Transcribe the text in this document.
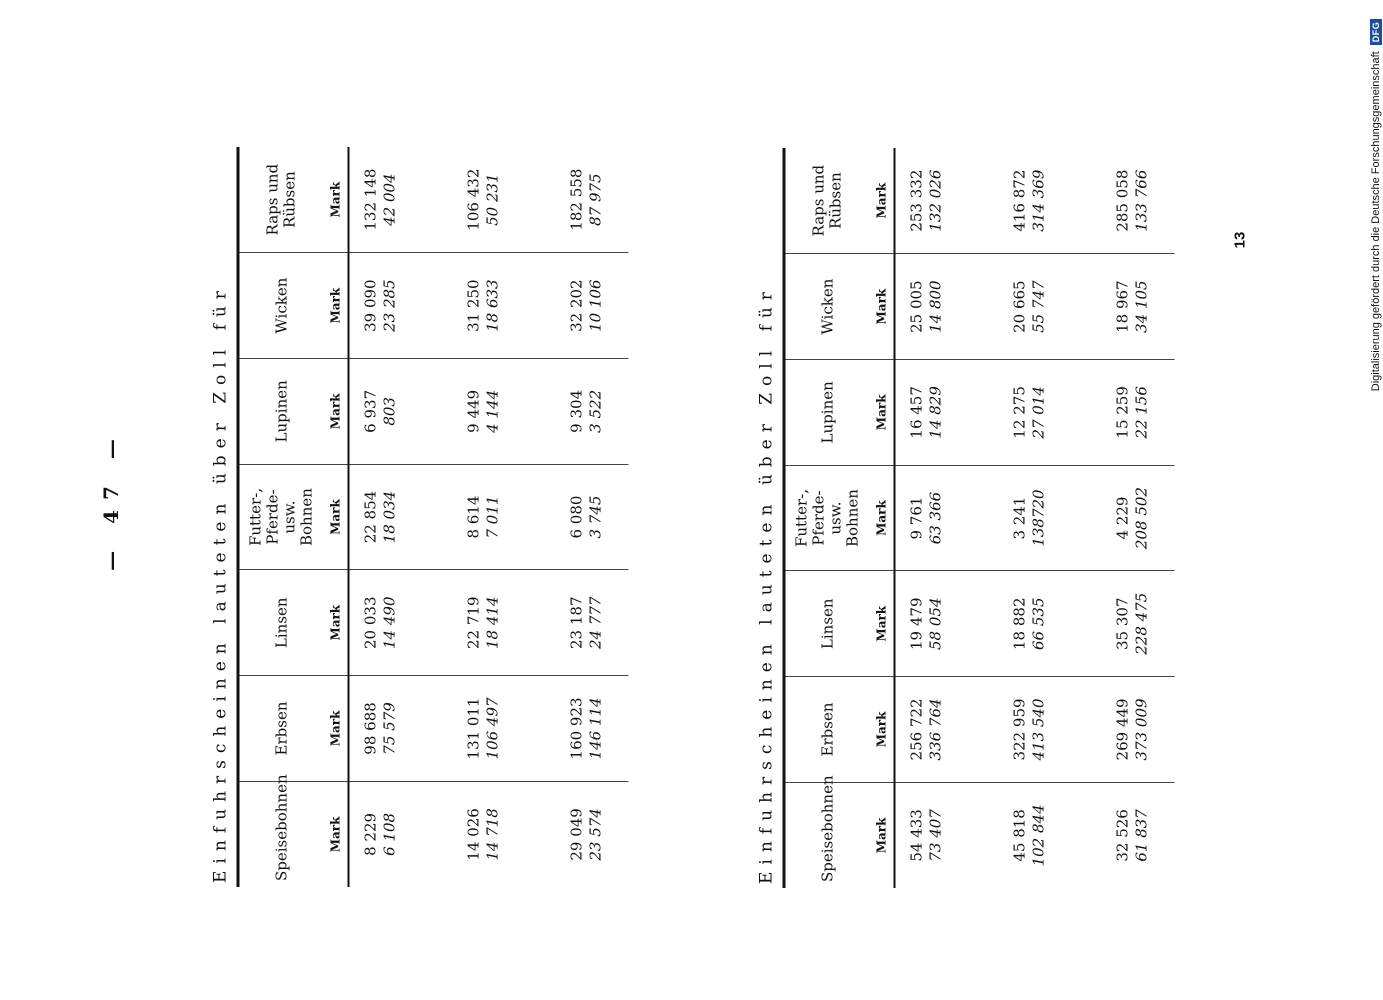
— 47 —
13	Digitalisierung gefördert durch die Deutsche Forschungsgemeinschaft
DFG
Einfuhrscheinen lauteten über Zoll für	Speisebohnen	Erbsen	Linsen	Futter-, Pferde- usw. Bohnen	Lupinen	Wicken	Raps und Rübsen
Mark	Mark	Mark	Mark	Mark	Mark	Mark

8 229 6 108	98 688 75 579	20 033 14 490	22 854 18 034	6 937 803	39 090 23 285	132 148 42 004

14 026 14 718	131 011 106 497	22 719 18 414	8 614 7 011	9 449 4 144	31 250 18 633	106 432 50 231

29 049 23 574	160 923 146 114	23 187 24 777	6 080 3 745	9 304 3 522	32 202 10 106	182 558 87 975
Einfuhrscheinen lauteten über Zoll für	Speisebohnen	Erbsen	Linsen	Futter-, Pferde- usw. Bohnen	Lupinen	Wicken	Raps und Rübsen
Mark	Mark	Mark	Mark	Mark	Mark	Mark

54 433 73 407	256 722 336 764	19 479 58 054	9 761 63 366	16 457 14 829	25 005 14 800	253 332 132 026

45 818 102 844	322 959 413 540	18 882 66 535	3 241 138720	12 275 27 014	20 665 55 747	416 872 314 369

32 526 61 837	269 449 373 009	35 307 228 475	4 229 208 502	15 259 22 156	18 967 34 105	285 058 133 766
